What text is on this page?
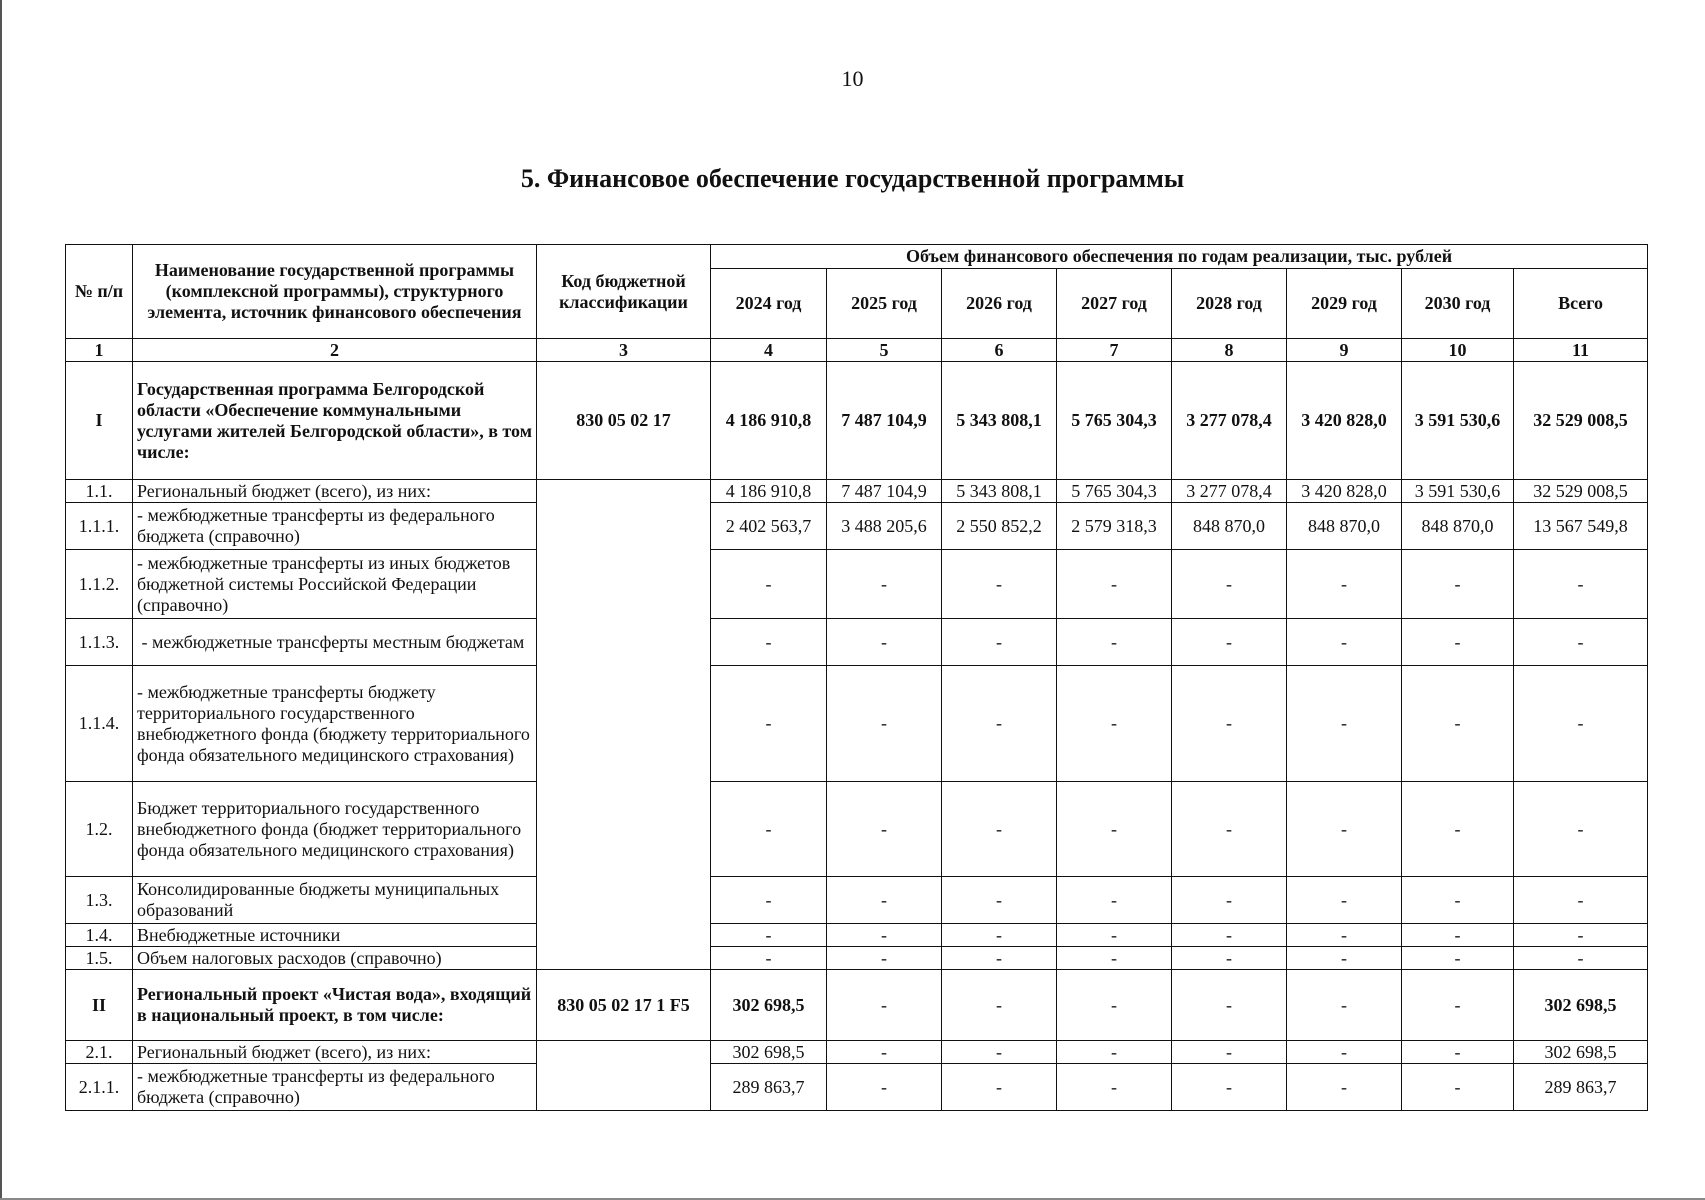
10
5. Финансовое обеспечение государственной программы
№ п/п	Наименование государственной программы (комплексной программы), структурного элемента, источник финансового обеспечения	Код бюджетной классификации	Объем финансового обеспечения по годам реализации, тыс. рублей							
			2024 год	2025 год	2026 год	2027 год	2028 год	2029 год	2030 год	Всего
1	2	3	4	5	6	7	8	9	10	11
I	Государственная программа Белгородской области «Обеспечение коммунальными услугами жителей Белгородской области», в том числе:	830 05 02 17	4 186 910,8	7 487 104,9	5 343 808,1	5 765 304,3	3 277 078,4	3 420 828,0	3 591 530,6	32 529 008,5
1.1.	Региональный бюджет (всего), из них:		4 186 910,8	7 487 104,9	5 343 808,1	5 765 304,3	3 277 078,4	3 420 828,0	3 591 530,6	32 529 008,5
1.1.1.	- межбюджетные трансферты из федерального бюджета (справочно)		2 402 563,7	3 488 205,6	2 550 852,2	2 579 318,3	848 870,0	848 870,0	848 870,0	13 567 549,8
1.1.2.	- межбюджетные трансферты из иных бюджетов бюджетной системы Российской Федерации (справочно)		-	-	-	-	-	-	-	-
1.1.3.	- межбюджетные трансферты местным бюджетам		-	-	-	-	-	-	-	-
1.1.4.	- межбюджетные трансферты бюджету территориального государственного внебюджетного фонда (бюджету территориального фонда обязательного медицинского страхования)		-	-	-	-	-	-	-	-
1.2.	Бюджет территориального государственного внебюджетного фонда (бюджет территориального фонда обязательного медицинского страхования)		-	-	-	-	-	-	-	-
1.3.	Консолидированные бюджеты муниципальных образований		-	-	-	-	-	-	-	-
1.4.	Внебюджетные источники		-	-	-	-	-	-	-	-
1.5.	Объем налоговых расходов (справочно)		-	-	-	-	-	-	-	-
II	Региональный проект «Чистая вода», входящий в национальный проект, в том числе:	830 05 02 17 1 F5	302 698,5	-	-	-	-	-	-	302 698,5
2.1.	Региональный бюджет (всего), из них:		302 698,5	-	-	-	-	-	-	302 698,5
2.1.1.	- межбюджетные трансферты из федерального бюджета (справочно)		289 863,7	-	-	-	-	-	-	289 863,7
